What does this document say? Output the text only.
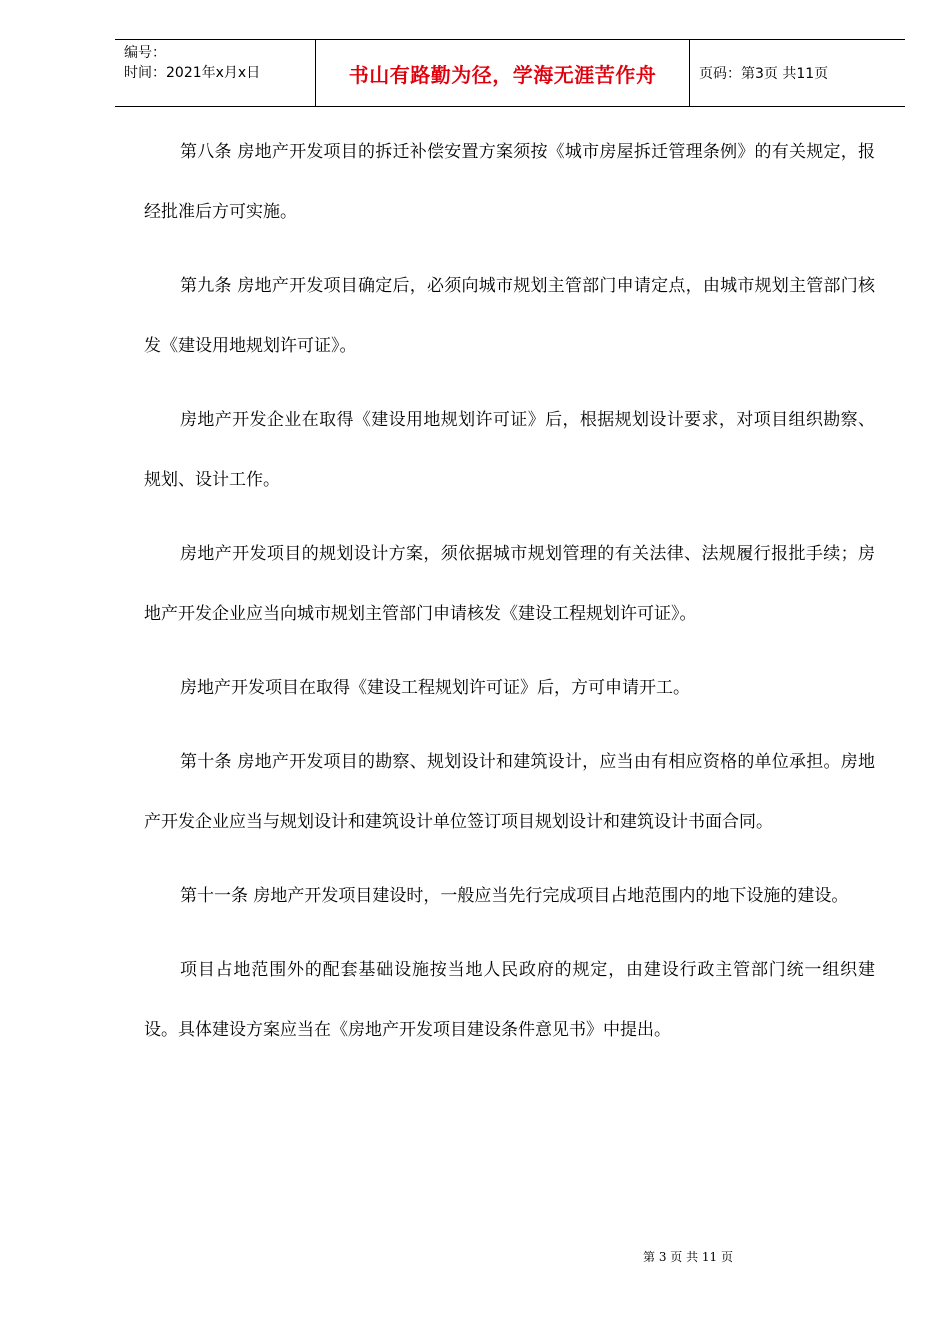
编号：
时间：2021年x月x日	书山有路勤为径，学海无涯苦作舟	页码：第3页 共11页

第八条 房地产开发项目的拆迁补偿安置方案须按《城市房屋拆迁管理条例》的有关规定，报经批准后方可实施。

第九条 房地产开发项目确定后，必须向城市规划主管部门申请定点，由城市规划主管部门核发《建设用地规划许可证》。

房地产开发企业在取得《建设用地规划许可证》后，根据规划设计要求，对项目组织勘察、规划、设计工作。

房地产开发项目的规划设计方案，须依据城市规划管理的有关法律、法规履行报批手续；房地产开发企业应当向城市规划主管部门申请核发《建设工程规划许可证》。

房地产开发项目在取得《建设工程规划许可证》后，方可申请开工。

第十条 房地产开发项目的勘察、规划设计和建筑设计，应当由有相应资格的单位承担。房地产开发企业应当与规划设计和建筑设计单位签订项目规划设计和建筑设计书面合同。

第十一条 房地产开发项目建设时，一般应当先行完成项目占地范围内的地下设施的建设。

项目占地范围外的配套基础设施按当地人民政府的规定，由建设行政主管部门统一组织建设。具体建设方案应当在《房地产开发项目建设条件意见书》中提出。

第 3 页 共 11 页
